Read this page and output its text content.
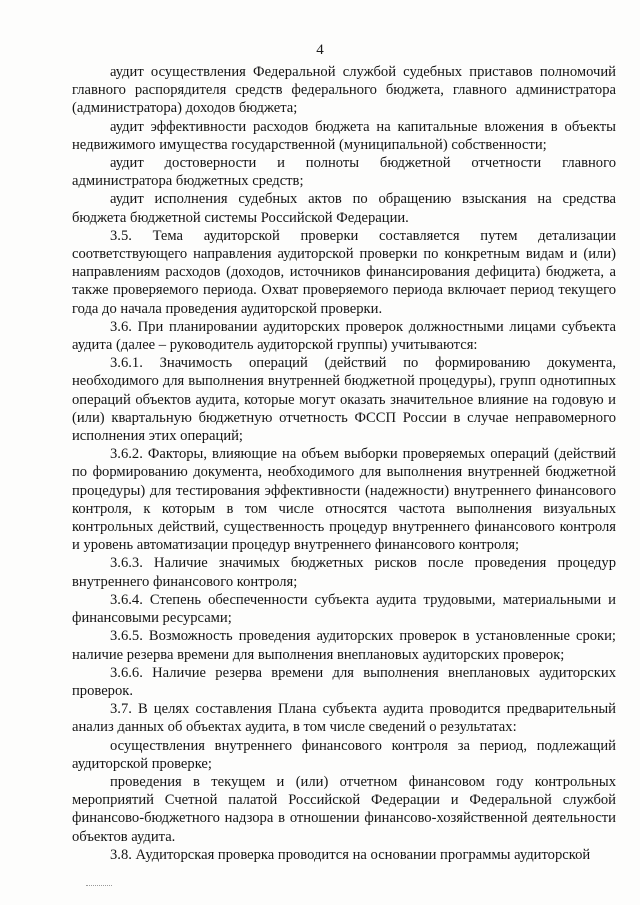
4

аудит осуществления Федеральной службой судебных приставов полномочий главного распорядителя средств федерального бюджета, главного администратора (администратора) доходов бюджета;

аудит эффективности расходов бюджета на капитальные вложения в объекты недвижимого имущества государственной (муниципальной) собственности;

аудит достоверности и полноты бюджетной отчетности главного администратора бюджетных средств;

аудит исполнения судебных актов по обращению взыскания на средства бюджета бюджетной системы Российской Федерации.

3.5. Тема аудиторской проверки составляется путем детализации соответствующего направления аудиторской проверки по конкретным видам и (или) направлениям расходов (доходов, источников финансирования дефицита) бюджета, а также проверяемого периода. Охват проверяемого периода включает период текущего года до начала проведения аудиторской проверки.

3.6. При планировании аудиторских проверок должностными лицами субъекта аудита (далее – руководитель аудиторской группы) учитываются:

3.6.1. Значимость операций (действий по формированию документа, необходимого для выполнения внутренней бюджетной процедуры), групп однотипных операций объектов аудита, которые могут оказать значительное влияние на годовую и (или) квартальную бюджетную отчетность ФССП России в случае неправомерного исполнения этих операций;

3.6.2. Факторы, влияющие на объем выборки проверяемых операций (действий по формированию документа, необходимого для выполнения внутренней бюджетной процедуры) для тестирования эффективности (надежности) внутреннего финансового контроля, к которым в том числе относятся частота выполнения визуальных контрольных действий, существенность процедур внутреннего финансового контроля и уровень автоматизации процедур внутреннего финансового контроля;

3.6.3. Наличие значимых бюджетных рисков после проведения процедур внутреннего финансового контроля;

3.6.4. Степень обеспеченности субъекта аудита трудовыми, материальными и финансовыми ресурсами;

3.6.5. Возможность проведения аудиторских проверок в установленные сроки; наличие резерва времени для выполнения внеплановых аудиторских проверок;

3.6.6. Наличие резерва времени для выполнения внеплановых аудиторских проверок.

3.7. В целях составления Плана субъекта аудита проводится предварительный анализ данных об объектах аудита, в том числе сведений о результатах:

осуществления внутреннего финансового контроля за период, подлежащий аудиторской проверке;

проведения в текущем и (или) отчетном финансовом году контрольных мероприятий Счетной палатой Российской Федерации и Федеральной службой финансово-бюджетного надзора в отношении финансово-хозяйственной деятельности объектов аудита.

3.8. Аудиторская проверка проводится на основании программы аудиторской
